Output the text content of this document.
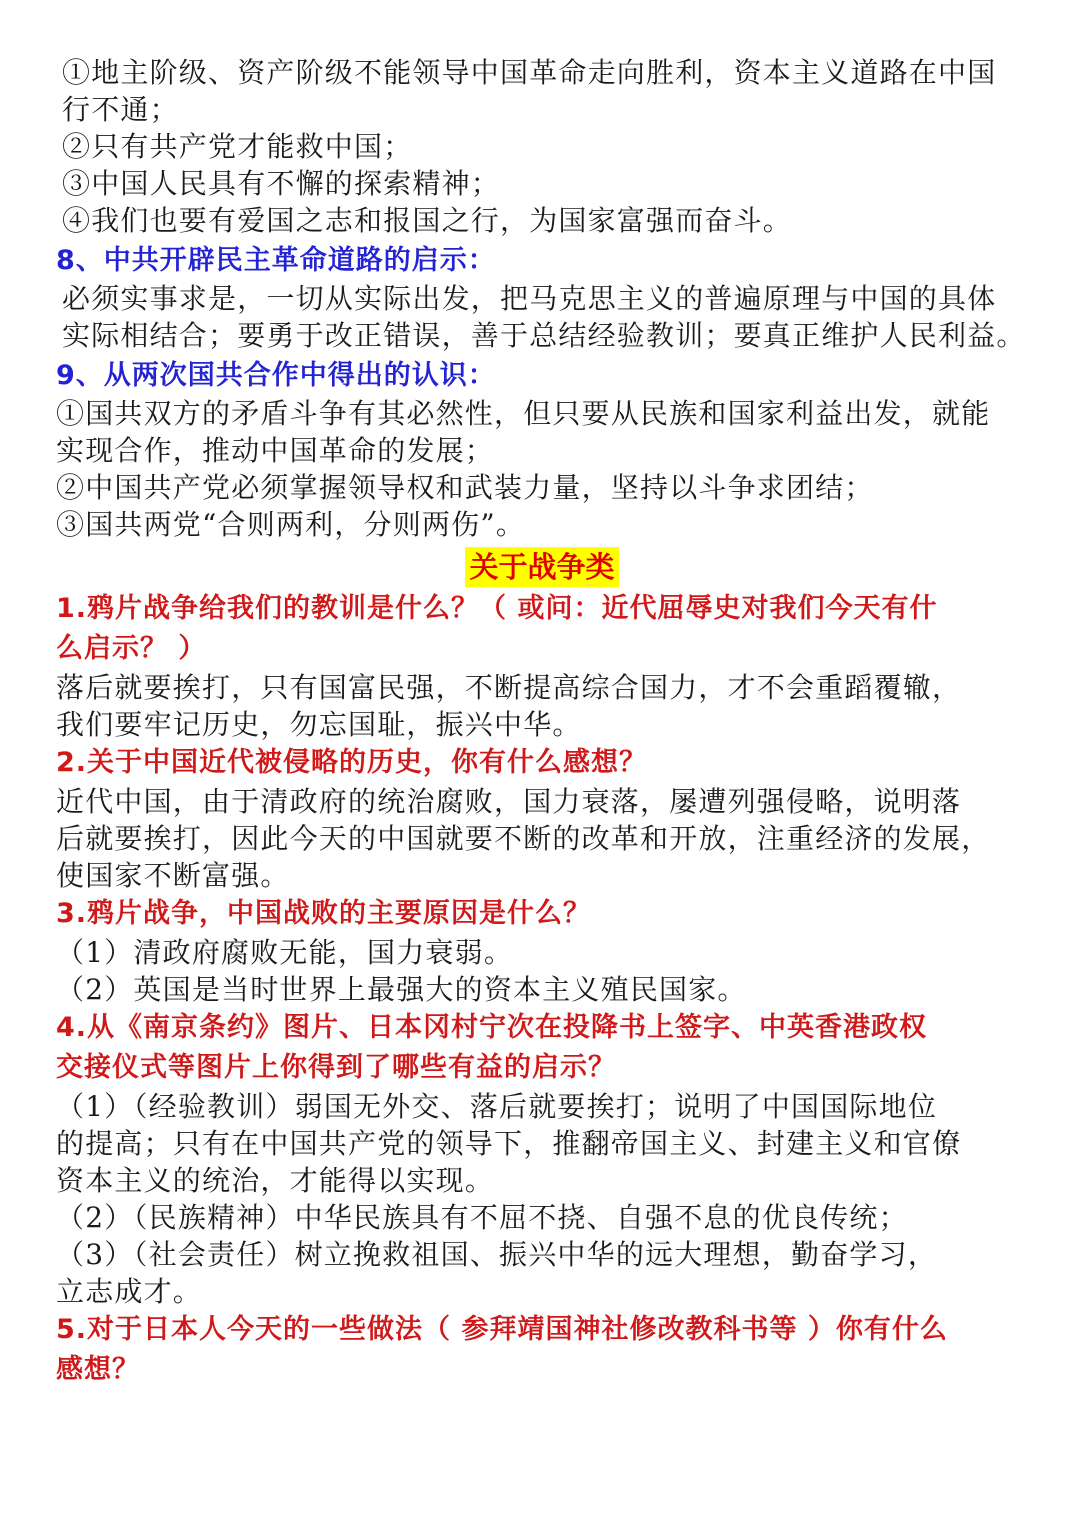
①地主阶级、资产阶级不能领导中国革命走向胜利，资本主义道路在中国
行不通；
②只有共产党才能救中国；
③中国人民具有不懈的探索精神；
④我们也要有爱国之志和报国之行，为国家富强而奋斗。
8、中共开辟民主革命道路的启示：
必须实事求是，一切从实际出发，把马克思主义的普遍原理与中国的具体
实际相结合；要勇于改正错误，善于总结经验教训；要真正维护人民利益。
9、从两次国共合作中得出的认识：
①国共双方的矛盾斗争有其必然性，但只要从民族和国家利益出发，就能
实现合作，推动中国革命的发展；
②中国共产党必须掌握领导权和武装力量，坚持以斗争求团结；
③国共两党“合则两利，分则两伤”。
关于战争类
1.鸦片战争给我们的教训是什么？（ 或问：近代屈辱史对我们今天有什
么启示？ ）
落后就要挨打，只有国富民强，不断提高综合国力，才不会重蹈覆辙，
我们要牢记历史，勿忘国耻，振兴中华。
2.关于中国近代被侵略的历史，你有什么感想？
近代中国，由于清政府的统治腐败，国力衰落，屡遭列强侵略，说明落
后就要挨打，因此今天的中国就要不断的改革和开放，注重经济的发展，
使国家不断富强。
3.鸦片战争，中国战败的主要原因是什么？
（1）清政府腐败无能，国力衰弱。
（2）英国是当时世界上最强大的资本主义殖民国家。
4.从《南京条约》图片、日本冈村宁次在投降书上签字、中英香港政权
交接仪式等图片上你得到了哪些有益的启示？
（1）（经验教训）弱国无外交、落后就要挨打；说明了中国国际地位
的提高；只有在中国共产党的领导下，推翻帝国主义、封建主义和官僚
资本主义的统治，才能得以实现。
（2）（民族精神）中华民族具有不屈不挠、自强不息的优良传统；
（3）（社会责任）树立挽救祖国、振兴中华的远大理想，勤奋学习，
立志成才。
5.对于日本人今天的一些做法（ 参拜靖国神社修改教科书等 ）你有什么
感想？
